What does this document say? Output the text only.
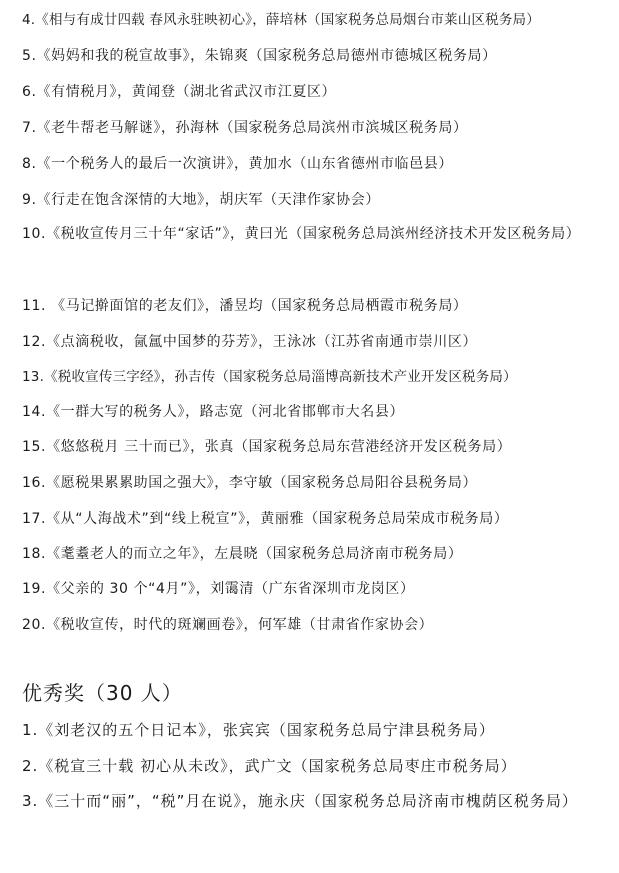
4.《相与有成廿四载 春风永驻映初心》，薛培林（国家税务总局烟台市莱山区税务局）
5.《妈妈和我的税宣故事》，朱锦爽（国家税务总局德州市德城区税务局）
6.《有情税月》，黄闻登（湖北省武汉市江夏区）
7.《老牛帮老马解谜》，孙海林（国家税务总局滨州市滨城区税务局）
8.《一个税务人的最后一次演讲》，黄加水（山东省德州市临邑县）
9.《行走在饱含深情的大地》，胡庆军（天津作家协会）
10.《税收宣传月三十年“家话”》，黄曰光（国家税务总局滨州经济技术开发区税务局）
11. 《马记擀面馆的老友们》，潘昱均（国家税务总局栖霞市税务局）
12.《点滴税收，氤氲中国梦的芬芳》，王泳冰（江苏省南通市崇川区）
13.《税收宣传三字经》，孙吉传（国家税务总局淄博高新技术产业开发区税务局）
14.《一群大写的税务人》，路志宽（河北省邯郸市大名县）
15.《悠悠税月 三十而已》，张真（国家税务总局东营港经济开发区税务局）
16.《愿税果累累助国之强大》，李守敏（国家税务总局阳谷县税务局）
17.《从“人海战术”到“线上税宣”》，黄丽雅（国家税务总局荣成市税务局）
18.《耄耋老人的而立之年》，左晨晓（国家税务总局济南市税务局）
19.《父亲的 30 个“4月”》，刘霭清（广东省深圳市龙岗区）
20.《税收宣传，时代的斑斓画卷》，何军雄（甘肃省作家协会）
优秀奖（30 人）
1.《刘老汉的五个日记本》，张宾宾（国家税务总局宁津县税务局）
2.《税宣三十载 初心从未改》，武广文（国家税务总局枣庄市税务局）
3.《三十而“丽”，“税”月在说》，施永庆（国家税务总局济南市槐荫区税务局）
